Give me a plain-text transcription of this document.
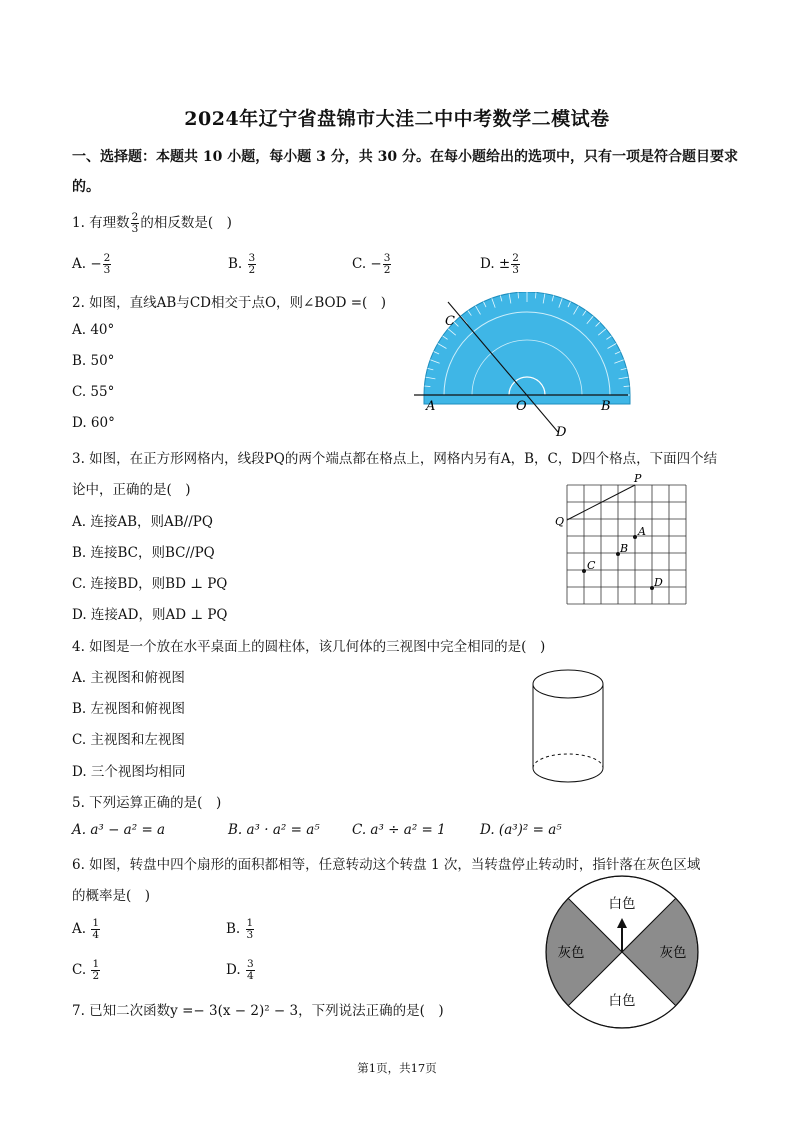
2024年辽宁省盘锦市大洼二中中考数学二模试卷
一、选择题：本题共 10 小题，每小题 3 分，共 30 分。在每小题给出的选项中，只有一项是符合题目要求
的。
1. 有理数 $\frac{2}{3}$ 的相反数是( )
A. − $\frac{2}{3}$	B. $\frac{3}{2}$	C. − $\frac{3}{2}$	D. ± $\frac{2}{3}$
2. 如图，直线AB与CD相交于点O，则∠BOD =( )
A. 40°
B. 50°
C. 55°
D. 60°
A	O	B
C
D
3. 如图，在正方形网格内，线段PQ的两个端点都在格点上，网格内另有A，B，C，D四个格点，下面四个结
论中，正确的是( )
A. 连接AB，则AB//PQ
B. 连接BC，则BC//PQ
C. 连接BD，则BD ⊥ PQ
D. 连接AD，则AD ⊥ PQ
P
Q
A
B
C
D
4. 如图是一个放在水平桌面上的圆柱体，该几何体的三视图中完全相同的是( )
A. 主视图和俯视图
B. 左视图和俯视图
C. 主视图和左视图
D. 三个视图均相同
5. 下列运算正确的是( )
A. a³ − a² = a	B. a³ · a² = a⁵ C. a³ ÷ a² = 1	D. (a³)² = a⁵
6. 如图，转盘中四个扇形的面积都相等，任意转动这个转盘 1 次，当转盘停止转动时，指针落在灰色区域
的概率是( )
A. $\frac{1}{4}$	B. $\frac{1}{3}$
C. $\frac{1}{2}$	D. $\frac{3}{4}$
白色
灰色	灰色
白色
7. 已知二次函数y =− 3(x − 2)² − 3，下列说法正确的是( )
第1页，共17页
